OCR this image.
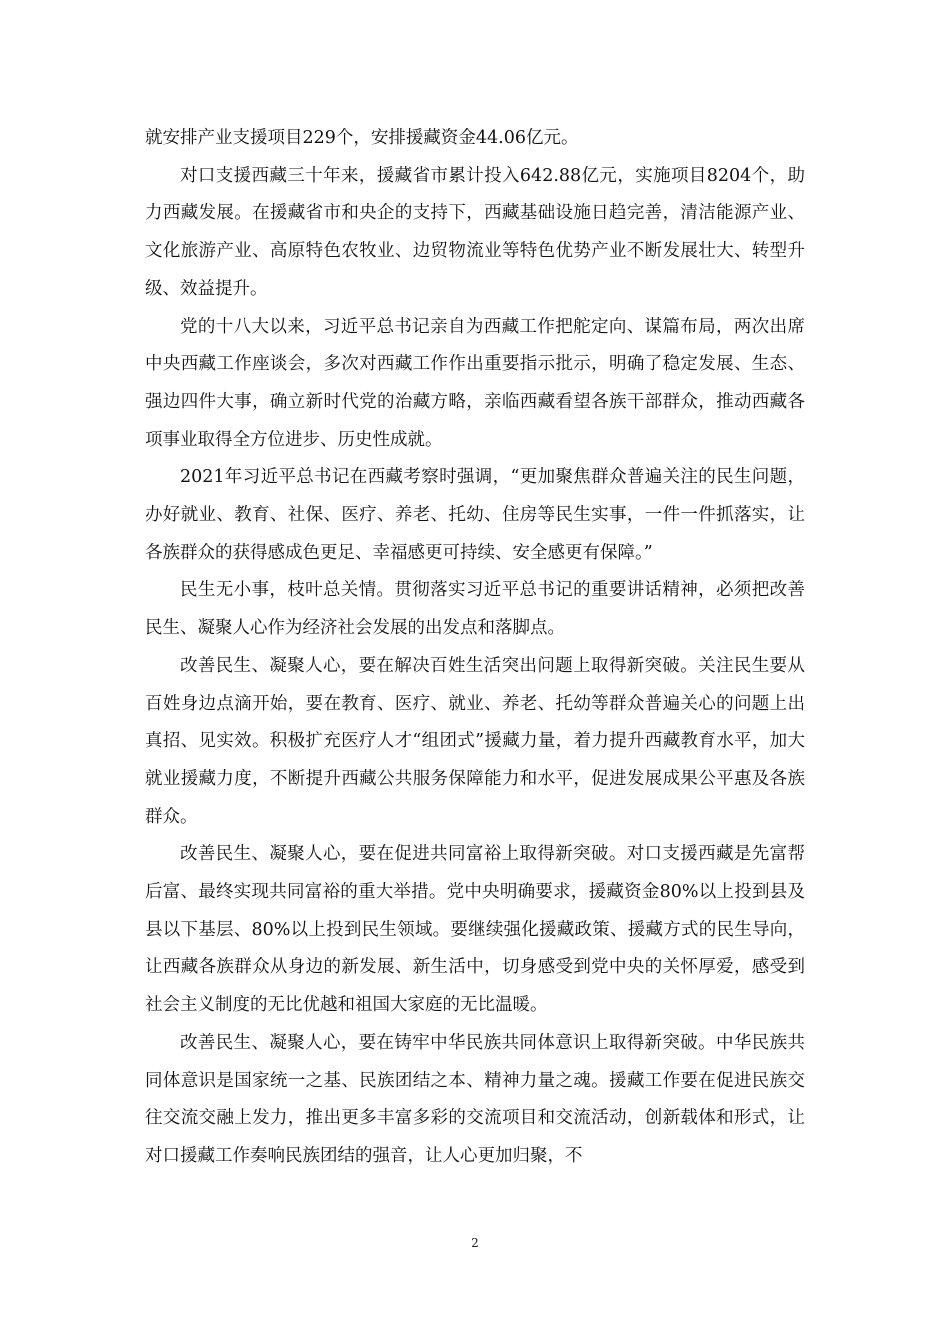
就安排产业支援项目229个，安排援藏资金44.06亿元。

对口支援西藏三十年来，援藏省市累计投入642.88亿元，实施项目8204个，助力西藏发展。在援藏省市和央企的支持下，西藏基础设施日趋完善，清洁能源产业、文化旅游产业、高原特色农牧业、边贸物流业等特色优势产业不断发展壮大、转型升级、效益提升。

党的十八大以来，习近平总书记亲自为西藏工作把舵定向、谋篇布局，两次出席中央西藏工作座谈会，多次对西藏工作作出重要指示批示，明确了稳定发展、生态、强边四件大事，确立新时代党的治藏方略，亲临西藏看望各族干部群众，推动西藏各项事业取得全方位进步、历史性成就。

2021年习近平总书记在西藏考察时强调，“更加聚焦群众普遍关注的民生问题，办好就业、教育、社保、医疗、养老、托幼、住房等民生实事，一件一件抓落实，让各族群众的获得感成色更足、幸福感更可持续、安全感更有保障。”

民生无小事，枝叶总关情。贯彻落实习近平总书记的重要讲话精神，必须把改善民生、凝聚人心作为经济社会发展的出发点和落脚点。

改善民生、凝聚人心，要在解决百姓生活突出问题上取得新突破。关注民生要从百姓身边点滴开始，要在教育、医疗、就业、养老、托幼等群众普遍关心的问题上出真招、见实效。积极扩充医疗人才“组团式”援藏力量，着力提升西藏教育水平，加大就业援藏力度，不断提升西藏公共服务保障能力和水平，促进发展成果公平惠及各族群众。

改善民生、凝聚人心，要在促进共同富裕上取得新突破。对口支援西藏是先富帮后富、最终实现共同富裕的重大举措。党中央明确要求，援藏资金80%以上投到县及县以下基层、80%以上投到民生领域。要继续强化援藏政策、援藏方式的民生导向，让西藏各族群众从身边的新发展、新生活中，切身感受到党中央的关怀厚爱，感受到社会主义制度的无比优越和祖国大家庭的无比温暖。

改善民生、凝聚人心，要在铸牢中华民族共同体意识上取得新突破。中华民族共同体意识是国家统一之基、民族团结之本、精神力量之魂。援藏工作要在促进民族交往交流交融上发力，推出更多丰富多彩的交流项目和交流活动，创新载体和形式，让对口援藏工作奏响民族团结的强音，让人心更加归聚，不

2
